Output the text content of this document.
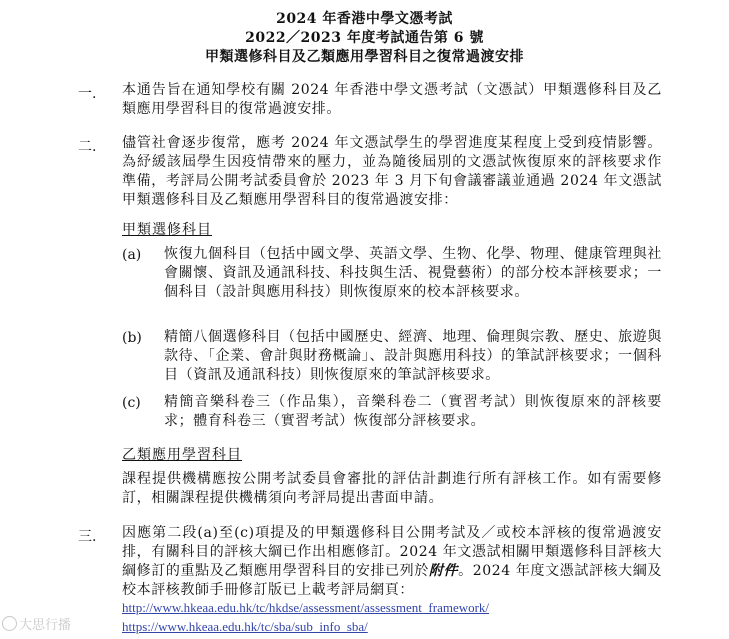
2024 年香港中學文憑考試
2022／2023 年度考試通告第 6 號
甲類選修科目及乙類應用學習科目之復常過渡安排
一. 本通告旨在通知學校有關 2024 年香港中學文憑考試（文憑試）甲類選修科目及乙類應用學習科目的復常過渡安排。
二. 儘管社會逐步復常，應考 2024 年文憑試學生的學習進度某程度上受到疫情影響。為紓緩該屆學生因疫情帶來的壓力，並為隨後屆別的文憑試恢復原來的評核要求作準備，考評局公開考試委員會於 2023 年 3 月下旬會議審議並通過 2024 年文憑試甲類選修科目及乙類應用學習科目的復常過渡安排：
甲類選修科目
(a) 恢復九個科目（包括中國文學、英語文學、生物、化學、物理、健康管理與社會關懷、資訊及通訊科技、科技與生活、視覺藝術）的部分校本評核要求；一個科目（設計與應用科技）則恢復原來的校本評核要求。
(b) 精簡八個選修科目（包括中國歷史、經濟、地理、倫理與宗教、歷史、旅遊與款待、「企業、會計與財務概論」、設計與應用科技）的筆試評核要求；一個科目（資訊及通訊科技）則恢復原來的筆試評核要求。
(c) 精簡音樂科卷三（作品集），音樂科卷二（實習考試）則恢復原來的評核要求；體育科卷三（實習考試）恢復部分評核要求。
乙類應用學習科目
課程提供機構應按公開考試委員會審批的評估計劃進行所有評核工作。如有需要修訂，相關課程提供機構須向考評局提出書面申請。
三. 因應第二段(a)至(c)項提及的甲類選修科目公開考試及／或校本評核的復常過渡安排，有關科目的評核大綱已作出相應修訂。2024 年文憑試相關甲類選修科目評核大綱修訂的重點及乙類應用學習科目的安排已列於附件。2024 年度文憑試評核大綱及校本評核教師手冊修訂版已上載考評局網頁：
http://www.hkeaa.edu.hk/tc/hkdse/assessment/assessment_framework/
https://www.hkeaa.edu.hk/tc/sba/sub_info_sba/
大思行播
